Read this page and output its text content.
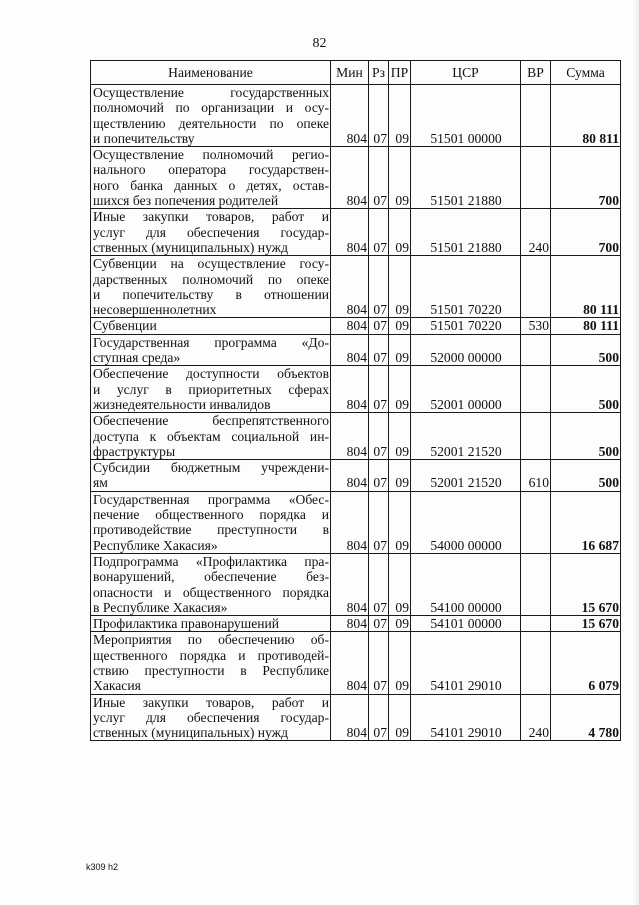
82
Наименование	Мин	Рз	ПР	ЦСР	ВР	Сумма

Осуществление государственных
полномочий по организации и осу-
ществлению деятельности по опеке
и попечительству	804	07	09	51501 00000		80 811

Осуществление полномочий регио-
нального оператора государствен-
ного банка данных о детях, остав-
шихся без попечения родителей	804	07	09	51501 21880		700

Иные закупки товаров, работ и
услуг для обеспечения государ-
ственных (муниципальных) нужд	804	07	09	51501 21880	240	700

Субвенции на осуществление госу-
дарственных полномочий по опеке
и попечительству в отношении
несовершеннолетних	804	07	09	51501 70220		80 111

Субвенции	804	07	09	51501 70220	530	80 111

Государственная программа «До-
ступная среда»	804	07	09	52000 00000		500

Обеспечение доступности объектов
и услуг в приоритетных сферах
жизнедеятельности инвалидов	804	07	09	52001 00000		500

Обеспечение беспрепятственного
доступа к объектам социальной ин-
фраструктуры	804	07	09	52001 21520		500

Субсидии бюджетным учреждени-
ям	804	07	09	52001 21520	610	500

Государственная программа «Обес-
печение общественного порядка и
противодействие преступности в
Республике Хакасия»	804	07	09	54000 00000		16 687

Подпрограмма «Профилактика пра-
вонарушений, обеспечение без-
опасности и общественного порядка
в Республике Хакасия»	804	07	09	54100 00000		15 670

Профилактика правонарушений	804	07	09	54101 00000		15 670

Мероприятия по обеспечению об-
щественного порядка и противодей-
ствию преступности в Республике
Хакасия	804	07	09	54101 29010		6 079

Иные закупки товаров, работ и
услуг для обеспечения государ-
ственных (муниципальных) нужд	804	07	09	54101 29010	240	4 780
k309 h2
